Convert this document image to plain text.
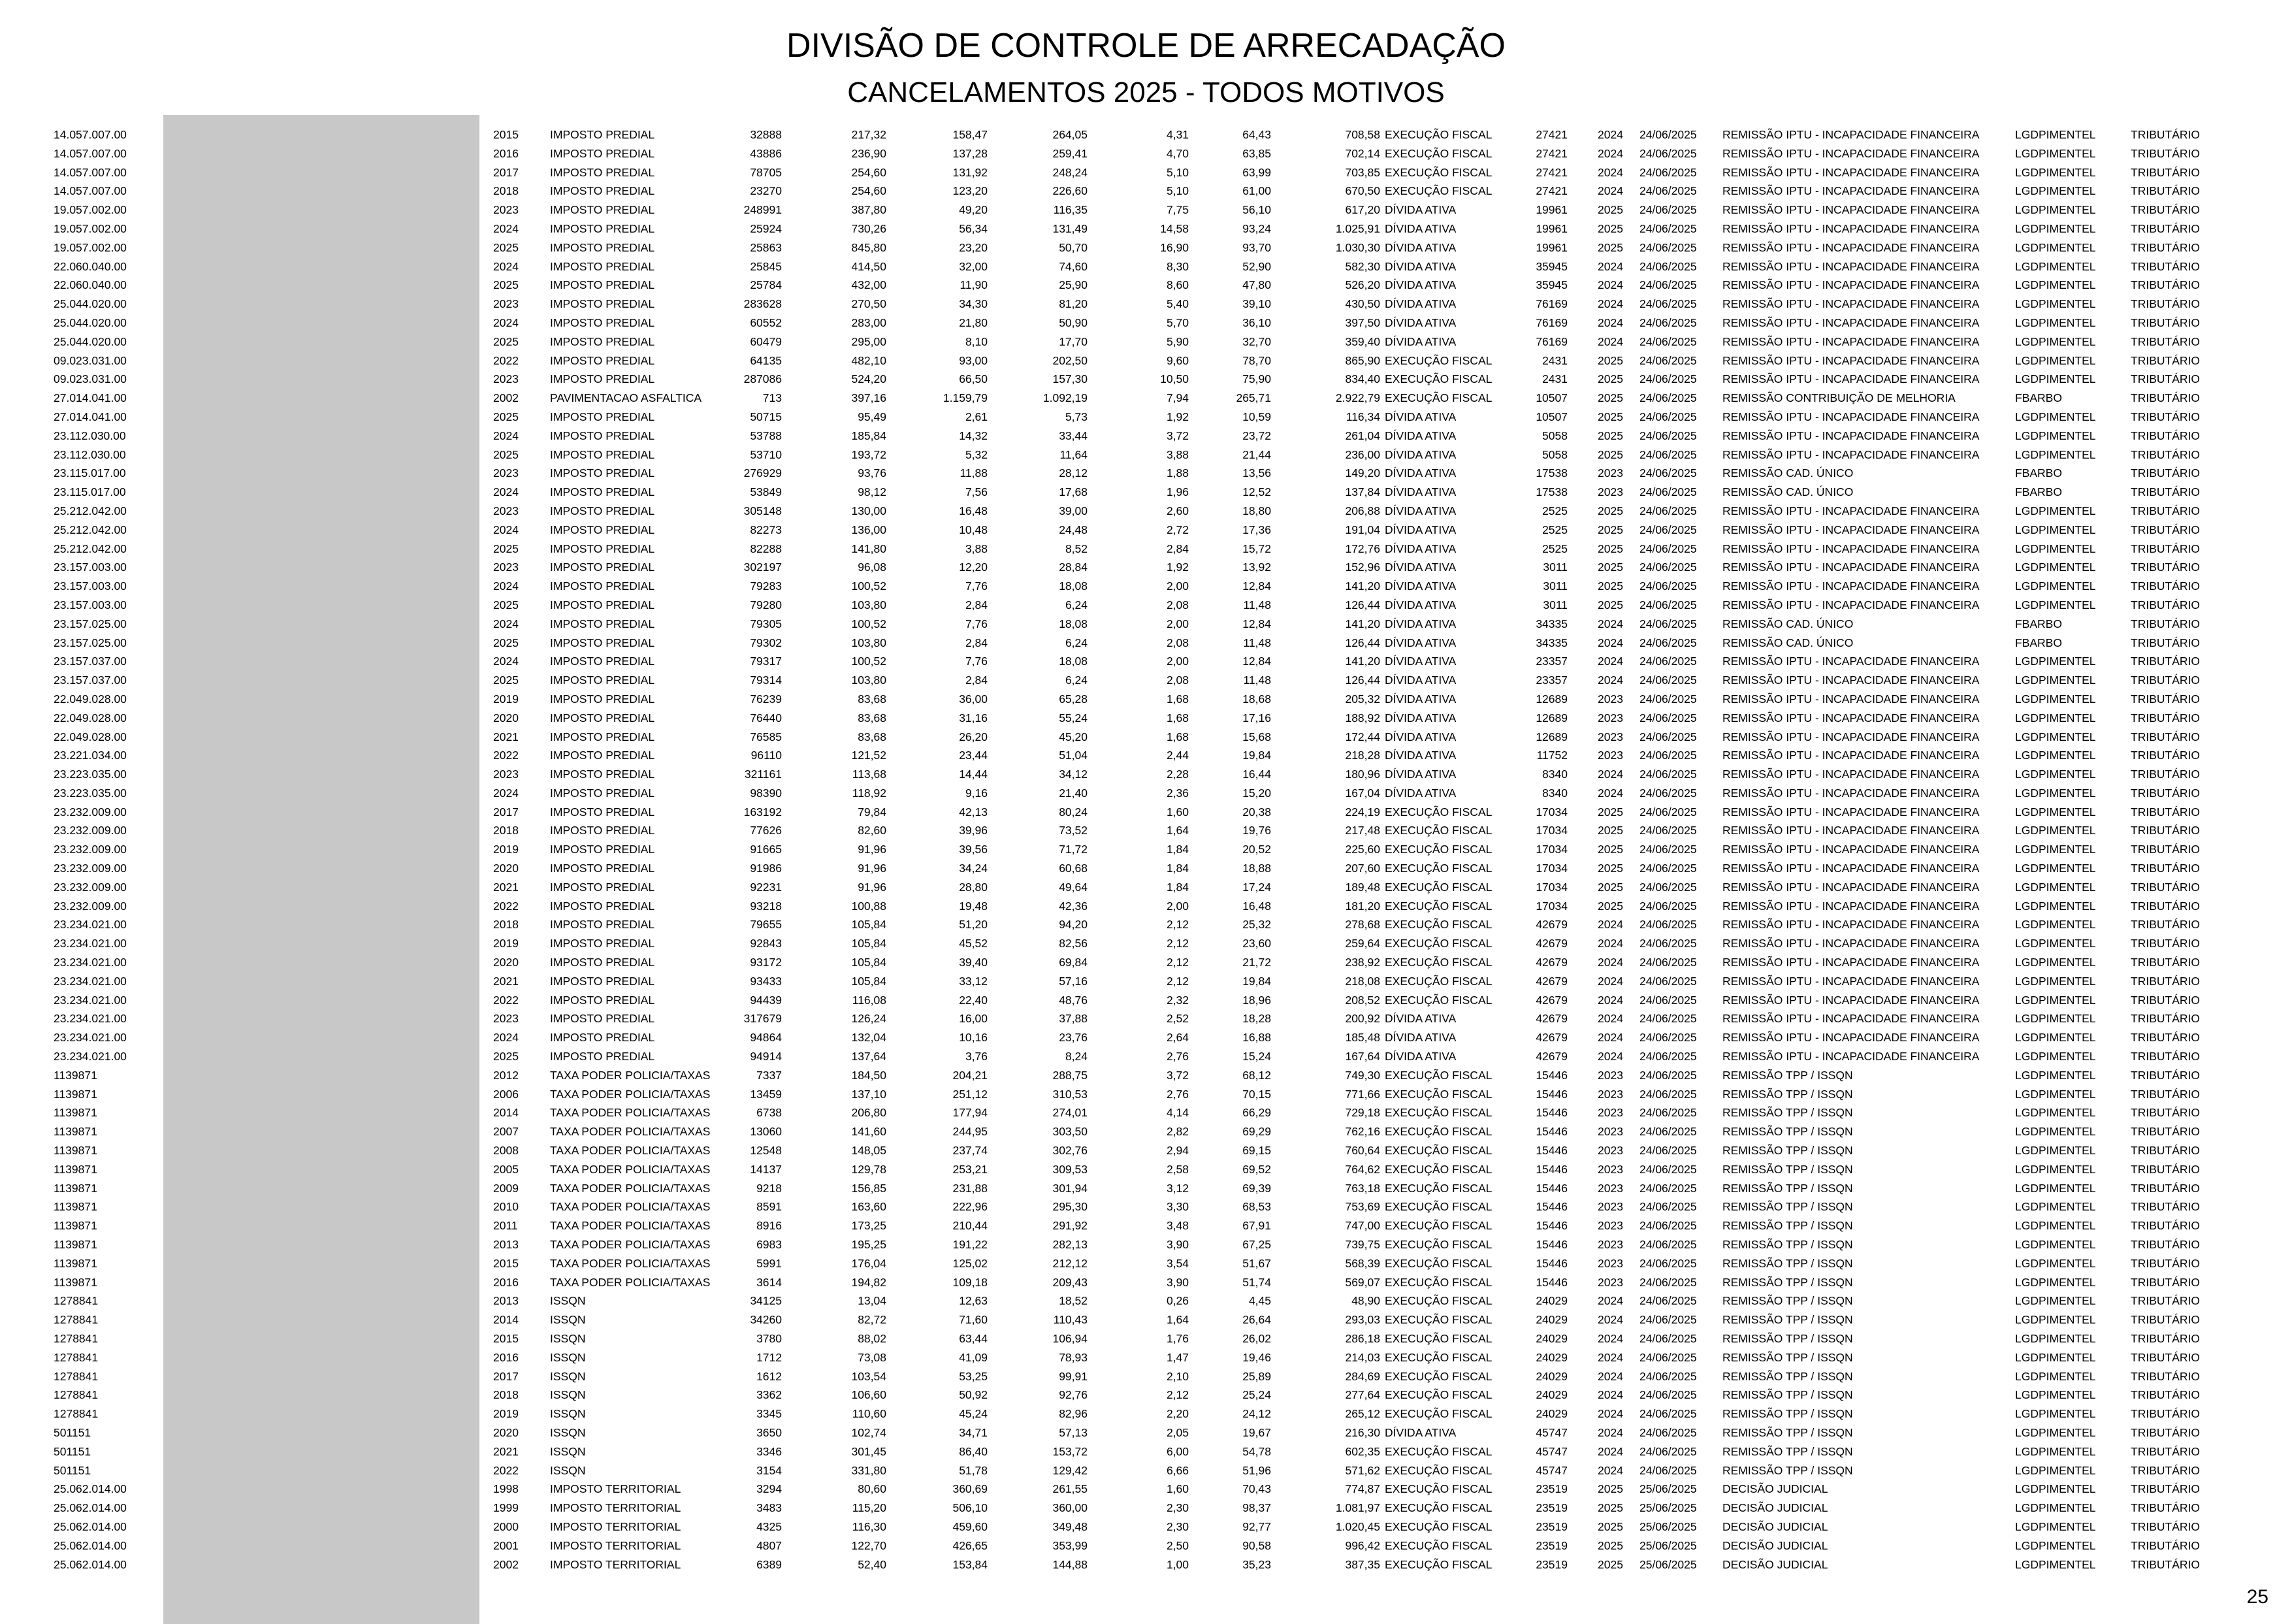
DIVISÃO DE CONTROLE DE ARRECADAÇÃO
CANCELAMENTOS 2025 - TODOS MOTIVOS
14.057.007.00	2015	IMPOSTO PREDIAL	32888	217,32	158,47	264,05	4,31	64,43	708,58 EXECUÇÃO FISCAL	27421	2024 24/06/2025 REMISSÃO IPTU - INCAPACIDADE FINANCEIRA	LGDPIMENTEL	TRIBUTÁRIO
14.057.007.00	2016	IMPOSTO PREDIAL	43886	236,90	137,28	259,41	4,70	63,85	702,14 EXECUÇÃO FISCAL	27421	2024 24/06/2025 REMISSÃO IPTU - INCAPACIDADE FINANCEIRA	LGDPIMENTEL	TRIBUTÁRIO
14.057.007.00	2017	IMPOSTO PREDIAL	78705	254,60	131,92	248,24	5,10	63,99	703,85 EXECUÇÃO FISCAL	27421	2024 24/06/2025 REMISSÃO IPTU - INCAPACIDADE FINANCEIRA	LGDPIMENTEL	TRIBUTÁRIO
14.057.007.00	2018	IMPOSTO PREDIAL	23270	254,60	123,20	226,60	5,10	61,00	670,50 EXECUÇÃO FISCAL	27421	2024 24/06/2025 REMISSÃO IPTU - INCAPACIDADE FINANCEIRA	LGDPIMENTEL	TRIBUTÁRIO
19.057.002.00	2023	IMPOSTO PREDIAL	248991	387,80	49,20	116,35	7,75	56,10	617,20 DÍVIDA ATIVA	19961	2025 24/06/2025 REMISSÃO IPTU - INCAPACIDADE FINANCEIRA	LGDPIMENTEL	TRIBUTÁRIO
19.057.002.00	2024	IMPOSTO PREDIAL	25924	730,26	56,34	131,49	14,58	93,24	1.025,91 DÍVIDA ATIVA	19961	2025 24/06/2025 REMISSÃO IPTU - INCAPACIDADE FINANCEIRA	LGDPIMENTEL	TRIBUTÁRIO
19.057.002.00	2025	IMPOSTO PREDIAL	25863	845,80	23,20	50,70	16,90	93,70	1.030,30 DÍVIDA ATIVA	19961	2025 24/06/2025 REMISSÃO IPTU - INCAPACIDADE FINANCEIRA	LGDPIMENTEL	TRIBUTÁRIO
22.060.040.00	2024	IMPOSTO PREDIAL	25845	414,50	32,00	74,60	8,30	52,90	582,30 DÍVIDA ATIVA	35945	2024 24/06/2025 REMISSÃO IPTU - INCAPACIDADE FINANCEIRA	LGDPIMENTEL	TRIBUTÁRIO
22.060.040.00	2025	IMPOSTO PREDIAL	25784	432,00	11,90	25,90	8,60	47,80	526,20 DÍVIDA ATIVA	35945	2024 24/06/2025 REMISSÃO IPTU - INCAPACIDADE FINANCEIRA	LGDPIMENTEL	TRIBUTÁRIO
25.044.020.00	2023	IMPOSTO PREDIAL	283628	270,50	34,30	81,20	5,40	39,10	430,50 DÍVIDA ATIVA	76169	2024 24/06/2025 REMISSÃO IPTU - INCAPACIDADE FINANCEIRA	LGDPIMENTEL	TRIBUTÁRIO
25.044.020.00	2024	IMPOSTO PREDIAL	60552	283,00	21,80	50,90	5,70	36,10	397,50 DÍVIDA ATIVA	76169	2024 24/06/2025 REMISSÃO IPTU - INCAPACIDADE FINANCEIRA	LGDPIMENTEL	TRIBUTÁRIO
25.044.020.00	2025	IMPOSTO PREDIAL	60479	295,00	8,10	17,70	5,90	32,70	359,40 DÍVIDA ATIVA	76169	2024 24/06/2025 REMISSÃO IPTU - INCAPACIDADE FINANCEIRA	LGDPIMENTEL	TRIBUTÁRIO
09.023.031.00	2022	IMPOSTO PREDIAL	64135	482,10	93,00	202,50	9,60	78,70	865,90 EXECUÇÃO FISCAL	2431	2025 24/06/2025 REMISSÃO IPTU - INCAPACIDADE FINANCEIRA	LGDPIMENTEL	TRIBUTÁRIO
09.023.031.00	2023	IMPOSTO PREDIAL	287086	524,20	66,50	157,30	10,50	75,90	834,40 EXECUÇÃO FISCAL	2431	2025 24/06/2025 REMISSÃO IPTU - INCAPACIDADE FINANCEIRA	LGDPIMENTEL	TRIBUTÁRIO
27.014.041.00	2002	PAVIMENTACAO ASFALTICA	713	397,16	1.159,79	1.092,19	7,94	265,71	2.922,79 EXECUÇÃO FISCAL	10507	2025 24/06/2025 REMISSÃO CONTRIBUIÇÃO DE MELHORIA	FBARBO	TRIBUTÁRIO
27.014.041.00	2025	IMPOSTO PREDIAL	50715	95,49	2,61	5,73	1,92	10,59	116,34 DÍVIDA ATIVA	10507	2025 24/06/2025 REMISSÃO IPTU - INCAPACIDADE FINANCEIRA	LGDPIMENTEL	TRIBUTÁRIO
23.112.030.00	2024	IMPOSTO PREDIAL	53788	185,84	14,32	33,44	3,72	23,72	261,04 DÍVIDA ATIVA	5058	2025 24/06/2025 REMISSÃO IPTU - INCAPACIDADE FINANCEIRA	LGDPIMENTEL	TRIBUTÁRIO
23.112.030.00	2025	IMPOSTO PREDIAL	53710	193,72	5,32	11,64	3,88	21,44	236,00 DÍVIDA ATIVA	5058	2025 24/06/2025 REMISSÃO IPTU - INCAPACIDADE FINANCEIRA	LGDPIMENTEL	TRIBUTÁRIO
23.115.017.00	2023	IMPOSTO PREDIAL	276929	93,76	11,88	28,12	1,88	13,56	149,20 DÍVIDA ATIVA	17538	2023 24/06/2025 REMISSÃO CAD. ÚNICO	FBARBO	TRIBUTÁRIO
23.115.017.00	2024	IMPOSTO PREDIAL	53849	98,12	7,56	17,68	1,96	12,52	137,84 DÍVIDA ATIVA	17538	2023 24/06/2025 REMISSÃO CAD. ÚNICO	FBARBO	TRIBUTÁRIO
25.212.042.00	2023	IMPOSTO PREDIAL	305148	130,00	16,48	39,00	2,60	18,80	206,88 DÍVIDA ATIVA	2525	2025 24/06/2025 REMISSÃO IPTU - INCAPACIDADE FINANCEIRA	LGDPIMENTEL	TRIBUTÁRIO
25.212.042.00	2024	IMPOSTO PREDIAL	82273	136,00	10,48	24,48	2,72	17,36	191,04 DÍVIDA ATIVA	2525	2025 24/06/2025 REMISSÃO IPTU - INCAPACIDADE FINANCEIRA	LGDPIMENTEL	TRIBUTÁRIO
25.212.042.00	2025	IMPOSTO PREDIAL	82288	141,80	3,88	8,52	2,84	15,72	172,76 DÍVIDA ATIVA	2525	2025 24/06/2025 REMISSÃO IPTU - INCAPACIDADE FINANCEIRA	LGDPIMENTEL	TRIBUTÁRIO
23.157.003.00	2023	IMPOSTO PREDIAL	302197	96,08	12,20	28,84	1,92	13,92	152,96 DÍVIDA ATIVA	3011	2025 24/06/2025 REMISSÃO IPTU - INCAPACIDADE FINANCEIRA	LGDPIMENTEL	TRIBUTÁRIO
23.157.003.00	2024	IMPOSTO PREDIAL	79283	100,52	7,76	18,08	2,00	12,84	141,20 DÍVIDA ATIVA	3011	2025 24/06/2025 REMISSÃO IPTU - INCAPACIDADE FINANCEIRA	LGDPIMENTEL	TRIBUTÁRIO
23.157.003.00	2025	IMPOSTO PREDIAL	79280	103,80	2,84	6,24	2,08	11,48	126,44 DÍVIDA ATIVA	3011	2025 24/06/2025 REMISSÃO IPTU - INCAPACIDADE FINANCEIRA	LGDPIMENTEL	TRIBUTÁRIO
23.157.025.00	2024	IMPOSTO PREDIAL	79305	100,52	7,76	18,08	2,00	12,84	141,20 DÍVIDA ATIVA	34335	2024 24/06/2025 REMISSÃO CAD. ÚNICO	FBARBO	TRIBUTÁRIO
23.157.025.00	2025	IMPOSTO PREDIAL	79302	103,80	2,84	6,24	2,08	11,48	126,44 DÍVIDA ATIVA	34335	2024 24/06/2025 REMISSÃO CAD. ÚNICO	FBARBO	TRIBUTÁRIO
23.157.037.00	2024	IMPOSTO PREDIAL	79317	100,52	7,76	18,08	2,00	12,84	141,20 DÍVIDA ATIVA	23357	2024 24/06/2025 REMISSÃO IPTU - INCAPACIDADE FINANCEIRA	LGDPIMENTEL	TRIBUTÁRIO
23.157.037.00	2025	IMPOSTO PREDIAL	79314	103,80	2,84	6,24	2,08	11,48	126,44 DÍVIDA ATIVA	23357	2024 24/06/2025 REMISSÃO IPTU - INCAPACIDADE FINANCEIRA	LGDPIMENTEL	TRIBUTÁRIO
22.049.028.00	2019	IMPOSTO PREDIAL	76239	83,68	36,00	65,28	1,68	18,68	205,32 DÍVIDA ATIVA	12689	2023 24/06/2025 REMISSÃO IPTU - INCAPACIDADE FINANCEIRA	LGDPIMENTEL	TRIBUTÁRIO
22.049.028.00	2020	IMPOSTO PREDIAL	76440	83,68	31,16	55,24	1,68	17,16	188,92 DÍVIDA ATIVA	12689	2023 24/06/2025 REMISSÃO IPTU - INCAPACIDADE FINANCEIRA	LGDPIMENTEL	TRIBUTÁRIO
22.049.028.00	2021	IMPOSTO PREDIAL	76585	83,68	26,20	45,20	1,68	15,68	172,44 DÍVIDA ATIVA	12689	2023 24/06/2025 REMISSÃO IPTU - INCAPACIDADE FINANCEIRA	LGDPIMENTEL	TRIBUTÁRIO
23.221.034.00	2022	IMPOSTO PREDIAL	96110	121,52	23,44	51,04	2,44	19,84	218,28 DÍVIDA ATIVA	11752	2023 24/06/2025 REMISSÃO IPTU - INCAPACIDADE FINANCEIRA	LGDPIMENTEL	TRIBUTÁRIO
23.223.035.00	2023	IMPOSTO PREDIAL	321161	113,68	14,44	34,12	2,28	16,44	180,96 DÍVIDA ATIVA	8340	2024 24/06/2025 REMISSÃO IPTU - INCAPACIDADE FINANCEIRA	LGDPIMENTEL	TRIBUTÁRIO
23.223.035.00	2024	IMPOSTO PREDIAL	98390	118,92	9,16	21,40	2,36	15,20	167,04 DÍVIDA ATIVA	8340	2024 24/06/2025 REMISSÃO IPTU - INCAPACIDADE FINANCEIRA	LGDPIMENTEL	TRIBUTÁRIO
23.232.009.00	2017	IMPOSTO PREDIAL	163192	79,84	42,13	80,24	1,60	20,38	224,19 EXECUÇÃO FISCAL	17034	2025 24/06/2025 REMISSÃO IPTU - INCAPACIDADE FINANCEIRA	LGDPIMENTEL	TRIBUTÁRIO
23.232.009.00	2018	IMPOSTO PREDIAL	77626	82,60	39,96	73,52	1,64	19,76	217,48 EXECUÇÃO FISCAL	17034	2025 24/06/2025 REMISSÃO IPTU - INCAPACIDADE FINANCEIRA	LGDPIMENTEL	TRIBUTÁRIO
23.232.009.00	2019	IMPOSTO PREDIAL	91665	91,96	39,56	71,72	1,84	20,52	225,60 EXECUÇÃO FISCAL	17034	2025 24/06/2025 REMISSÃO IPTU - INCAPACIDADE FINANCEIRA	LGDPIMENTEL	TRIBUTÁRIO
23.232.009.00	2020	IMPOSTO PREDIAL	91986	91,96	34,24	60,68	1,84	18,88	207,60 EXECUÇÃO FISCAL	17034	2025 24/06/2025 REMISSÃO IPTU - INCAPACIDADE FINANCEIRA	LGDPIMENTEL	TRIBUTÁRIO
23.232.009.00	2021	IMPOSTO PREDIAL	92231	91,96	28,80	49,64	1,84	17,24	189,48 EXECUÇÃO FISCAL	17034	2025 24/06/2025 REMISSÃO IPTU - INCAPACIDADE FINANCEIRA	LGDPIMENTEL	TRIBUTÁRIO
23.232.009.00	2022	IMPOSTO PREDIAL	93218	100,88	19,48	42,36	2,00	16,48	181,20 EXECUÇÃO FISCAL	17034	2025 24/06/2025 REMISSÃO IPTU - INCAPACIDADE FINANCEIRA	LGDPIMENTEL	TRIBUTÁRIO
23.234.021.00	2018	IMPOSTO PREDIAL	79655	105,84	51,20	94,20	2,12	25,32	278,68 EXECUÇÃO FISCAL	42679	2024 24/06/2025 REMISSÃO IPTU - INCAPACIDADE FINANCEIRA	LGDPIMENTEL	TRIBUTÁRIO
23.234.021.00	2019	IMPOSTO PREDIAL	92843	105,84	45,52	82,56	2,12	23,60	259,64 EXECUÇÃO FISCAL	42679	2024 24/06/2025 REMISSÃO IPTU - INCAPACIDADE FINANCEIRA	LGDPIMENTEL	TRIBUTÁRIO
23.234.021.00	2020	IMPOSTO PREDIAL	93172	105,84	39,40	69,84	2,12	21,72	238,92 EXECUÇÃO FISCAL	42679	2024 24/06/2025 REMISSÃO IPTU - INCAPACIDADE FINANCEIRA	LGDPIMENTEL	TRIBUTÁRIO
23.234.021.00	2021	IMPOSTO PREDIAL	93433	105,84	33,12	57,16	2,12	19,84	218,08 EXECUÇÃO FISCAL	42679	2024 24/06/2025 REMISSÃO IPTU - INCAPACIDADE FINANCEIRA	LGDPIMENTEL	TRIBUTÁRIO
23.234.021.00	2022	IMPOSTO PREDIAL	94439	116,08	22,40	48,76	2,32	18,96	208,52 EXECUÇÃO FISCAL	42679	2024 24/06/2025 REMISSÃO IPTU - INCAPACIDADE FINANCEIRA	LGDPIMENTEL	TRIBUTÁRIO
23.234.021.00	2023	IMPOSTO PREDIAL	317679	126,24	16,00	37,88	2,52	18,28	200,92 DÍVIDA ATIVA	42679	2024 24/06/2025 REMISSÃO IPTU - INCAPACIDADE FINANCEIRA	LGDPIMENTEL	TRIBUTÁRIO
23.234.021.00	2024	IMPOSTO PREDIAL	94864	132,04	10,16	23,76	2,64	16,88	185,48 DÍVIDA ATIVA	42679	2024 24/06/2025 REMISSÃO IPTU - INCAPACIDADE FINANCEIRA	LGDPIMENTEL	TRIBUTÁRIO
23.234.021.00	2025	IMPOSTO PREDIAL	94914	137,64	3,76	8,24	2,76	15,24	167,64 DÍVIDA ATIVA	42679	2024 24/06/2025 REMISSÃO IPTU - INCAPACIDADE FINANCEIRA	LGDPIMENTEL	TRIBUTÁRIO
1139871	2012	TAXA PODER POLICIA/TAXAS	7337	184,50	204,21	288,75	3,72	68,12	749,30 EXECUÇÃO FISCAL	15446	2023 24/06/2025 REMISSÃO TPP / ISSQN	LGDPIMENTEL	TRIBUTÁRIO
1139871	2006	TAXA PODER POLICIA/TAXAS	13459	137,10	251,12	310,53	2,76	70,15	771,66 EXECUÇÃO FISCAL	15446	2023 24/06/2025 REMISSÃO TPP / ISSQN	LGDPIMENTEL	TRIBUTÁRIO
1139871	2014	TAXA PODER POLICIA/TAXAS	6738	206,80	177,94	274,01	4,14	66,29	729,18 EXECUÇÃO FISCAL	15446	2023 24/06/2025 REMISSÃO TPP / ISSQN	LGDPIMENTEL	TRIBUTÁRIO
1139871	2007	TAXA PODER POLICIA/TAXAS	13060	141,60	244,95	303,50	2,82	69,29	762,16 EXECUÇÃO FISCAL	15446	2023 24/06/2025 REMISSÃO TPP / ISSQN	LGDPIMENTEL	TRIBUTÁRIO
1139871	2008	TAXA PODER POLICIA/TAXAS	12548	148,05	237,74	302,76	2,94	69,15	760,64 EXECUÇÃO FISCAL	15446	2023 24/06/2025 REMISSÃO TPP / ISSQN	LGDPIMENTEL	TRIBUTÁRIO
1139871	2005	TAXA PODER POLICIA/TAXAS	14137	129,78	253,21	309,53	2,58	69,52	764,62 EXECUÇÃO FISCAL	15446	2023 24/06/2025 REMISSÃO TPP / ISSQN	LGDPIMENTEL	TRIBUTÁRIO
1139871	2009	TAXA PODER POLICIA/TAXAS	9218	156,85	231,88	301,94	3,12	69,39	763,18 EXECUÇÃO FISCAL	15446	2023 24/06/2025 REMISSÃO TPP / ISSQN	LGDPIMENTEL	TRIBUTÁRIO
1139871	2010	TAXA PODER POLICIA/TAXAS	8591	163,60	222,96	295,30	3,30	68,53	753,69 EXECUÇÃO FISCAL	15446	2023 24/06/2025 REMISSÃO TPP / ISSQN	LGDPIMENTEL	TRIBUTÁRIO
1139871	2011	TAXA PODER POLICIA/TAXAS	8916	173,25	210,44	291,92	3,48	67,91	747,00 EXECUÇÃO FISCAL	15446	2023 24/06/2025 REMISSÃO TPP / ISSQN	LGDPIMENTEL	TRIBUTÁRIO
1139871	2013	TAXA PODER POLICIA/TAXAS	6983	195,25	191,22	282,13	3,90	67,25	739,75 EXECUÇÃO FISCAL	15446	2023 24/06/2025 REMISSÃO TPP / ISSQN	LGDPIMENTEL	TRIBUTÁRIO
1139871	2015	TAXA PODER POLICIA/TAXAS	5991	176,04	125,02	212,12	3,54	51,67	568,39 EXECUÇÃO FISCAL	15446	2023 24/06/2025 REMISSÃO TPP / ISSQN	LGDPIMENTEL	TRIBUTÁRIO
1139871	2016	TAXA PODER POLICIA/TAXAS	3614	194,82	109,18	209,43	3,90	51,74	569,07 EXECUÇÃO FISCAL	15446	2023 24/06/2025 REMISSÃO TPP / ISSQN	LGDPIMENTEL	TRIBUTÁRIO
1278841	2013	ISSQN	34125	13,04	12,63	18,52	0,26	4,45	48,90 EXECUÇÃO FISCAL	24029	2024 24/06/2025 REMISSÃO TPP / ISSQN	LGDPIMENTEL	TRIBUTÁRIO
1278841	2014	ISSQN	34260	82,72	71,60	110,43	1,64	26,64	293,03 EXECUÇÃO FISCAL	24029	2024 24/06/2025 REMISSÃO TPP / ISSQN	LGDPIMENTEL	TRIBUTÁRIO
1278841	2015	ISSQN	3780	88,02	63,44	106,94	1,76	26,02	286,18 EXECUÇÃO FISCAL	24029	2024 24/06/2025 REMISSÃO TPP / ISSQN	LGDPIMENTEL	TRIBUTÁRIO
1278841	2016	ISSQN	1712	73,08	41,09	78,93	1,47	19,46	214,03 EXECUÇÃO FISCAL	24029	2024 24/06/2025 REMISSÃO TPP / ISSQN	LGDPIMENTEL	TRIBUTÁRIO
1278841	2017	ISSQN	1612	103,54	53,25	99,91	2,10	25,89	284,69 EXECUÇÃO FISCAL	24029	2024 24/06/2025 REMISSÃO TPP / ISSQN	LGDPIMENTEL	TRIBUTÁRIO
1278841	2018	ISSQN	3362	106,60	50,92	92,76	2,12	25,24	277,64 EXECUÇÃO FISCAL	24029	2024 24/06/2025 REMISSÃO TPP / ISSQN	LGDPIMENTEL	TRIBUTÁRIO
1278841	2019	ISSQN	3345	110,60	45,24	82,96	2,20	24,12	265,12 EXECUÇÃO FISCAL	24029	2024 24/06/2025 REMISSÃO TPP / ISSQN	LGDPIMENTEL	TRIBUTÁRIO
501151	2020	ISSQN	3650	102,74	34,71	57,13	2,05	19,67	216,30 DÍVIDA ATIVA	45747	2024 24/06/2025 REMISSÃO TPP / ISSQN	LGDPIMENTEL	TRIBUTÁRIO
501151	2021	ISSQN	3346	301,45	86,40	153,72	6,00	54,78	602,35 EXECUÇÃO FISCAL	45747	2024 24/06/2025 REMISSÃO TPP / ISSQN	LGDPIMENTEL	TRIBUTÁRIO
501151	2022	ISSQN	3154	331,80	51,78	129,42	6,66	51,96	571,62 EXECUÇÃO FISCAL	45747	2024 24/06/2025 REMISSÃO TPP / ISSQN	LGDPIMENTEL	TRIBUTÁRIO
25.062.014.00	1998	IMPOSTO TERRITORIAL	3294	80,60	360,69	261,55	1,60	70,43	774,87 EXECUÇÃO FISCAL	23519	2025 25/06/2025 DECISÃO JUDICIAL	LGDPIMENTEL	TRIBUTÁRIO
25.062.014.00	1999	IMPOSTO TERRITORIAL	3483	115,20	506,10	360,00	2,30	98,37	1.081,97 EXECUÇÃO FISCAL	23519	2025 25/06/2025 DECISÃO JUDICIAL	LGDPIMENTEL	TRIBUTÁRIO
25.062.014.00	2000	IMPOSTO TERRITORIAL	4325	116,30	459,60	349,48	2,30	92,77	1.020,45 EXECUÇÃO FISCAL	23519	2025 25/06/2025 DECISÃO JUDICIAL	LGDPIMENTEL	TRIBUTÁRIO
25.062.014.00	2001	IMPOSTO TERRITORIAL	4807	122,70	426,65	353,99	2,50	90,58	996,42 EXECUÇÃO FISCAL	23519	2025 25/06/2025 DECISÃO JUDICIAL	LGDPIMENTEL	TRIBUTÁRIO
25.062.014.00	2002	IMPOSTO TERRITORIAL	6389	52,40	153,84	144,88	1,00	35,23	387,35 EXECUÇÃO FISCAL	23519	2025 25/06/2025 DECISÃO JUDICIAL	LGDPIMENTEL	TRIBUTÁRIO
25
